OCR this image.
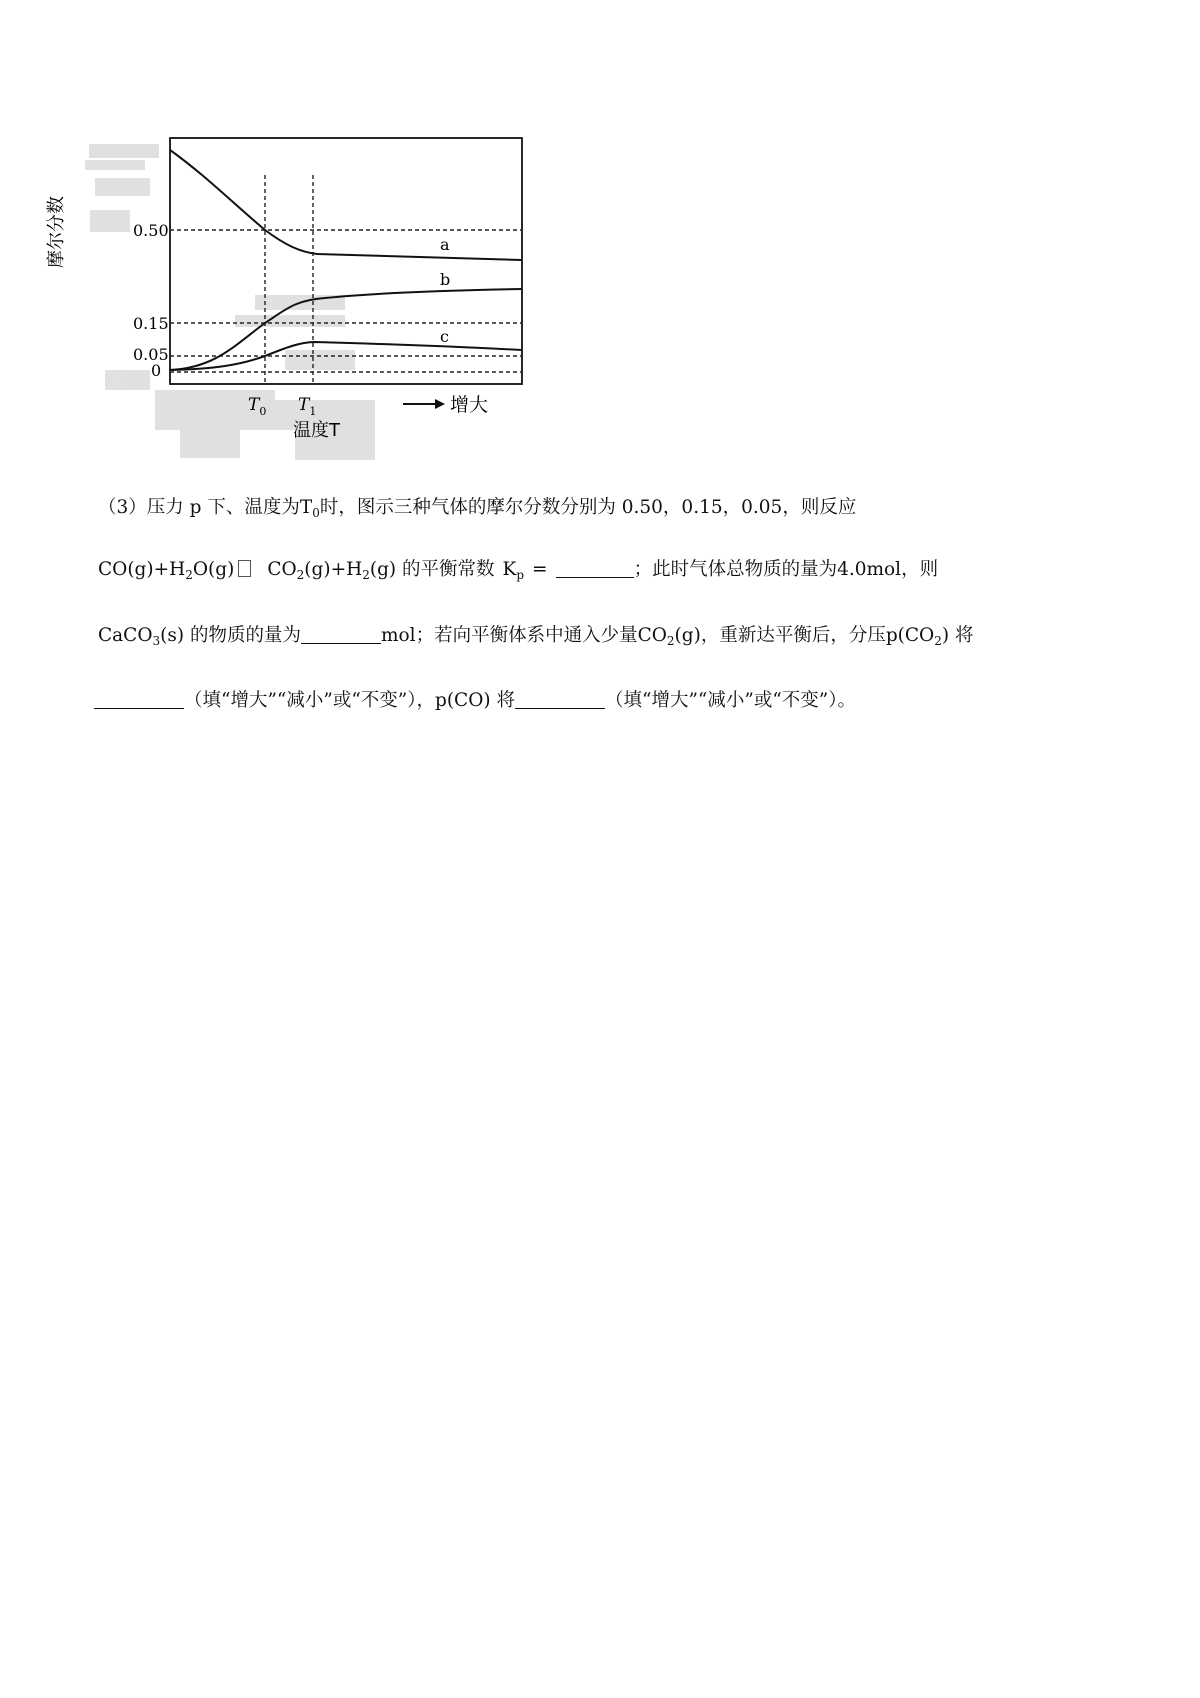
a
b
c
0.50
0.15
0.05
0
摩尔分数
$T_0$ $T_1$	增大
温度T
（3）压力 p 下、温度为$T_0$时，图示三种气体的摩尔分数分别为 0.50，0.15，0.05，则反应
$CO(g)+H_2O(g)$ $CO_2(g)+H_2(g)$ 的平衡常数 $K_p$ =	；此时气体总物质的量为4.0mol，则
CaCO$_3$(s) 的物质的量为	mol；若向平衡体系中通入少量$CO_2(g)$，重新达平衡后，分压$p(CO_2)$ 将
（填“增大”“减小”或“不变”），p(CO) 将	（填“增大”“减小”或“不变”）。
